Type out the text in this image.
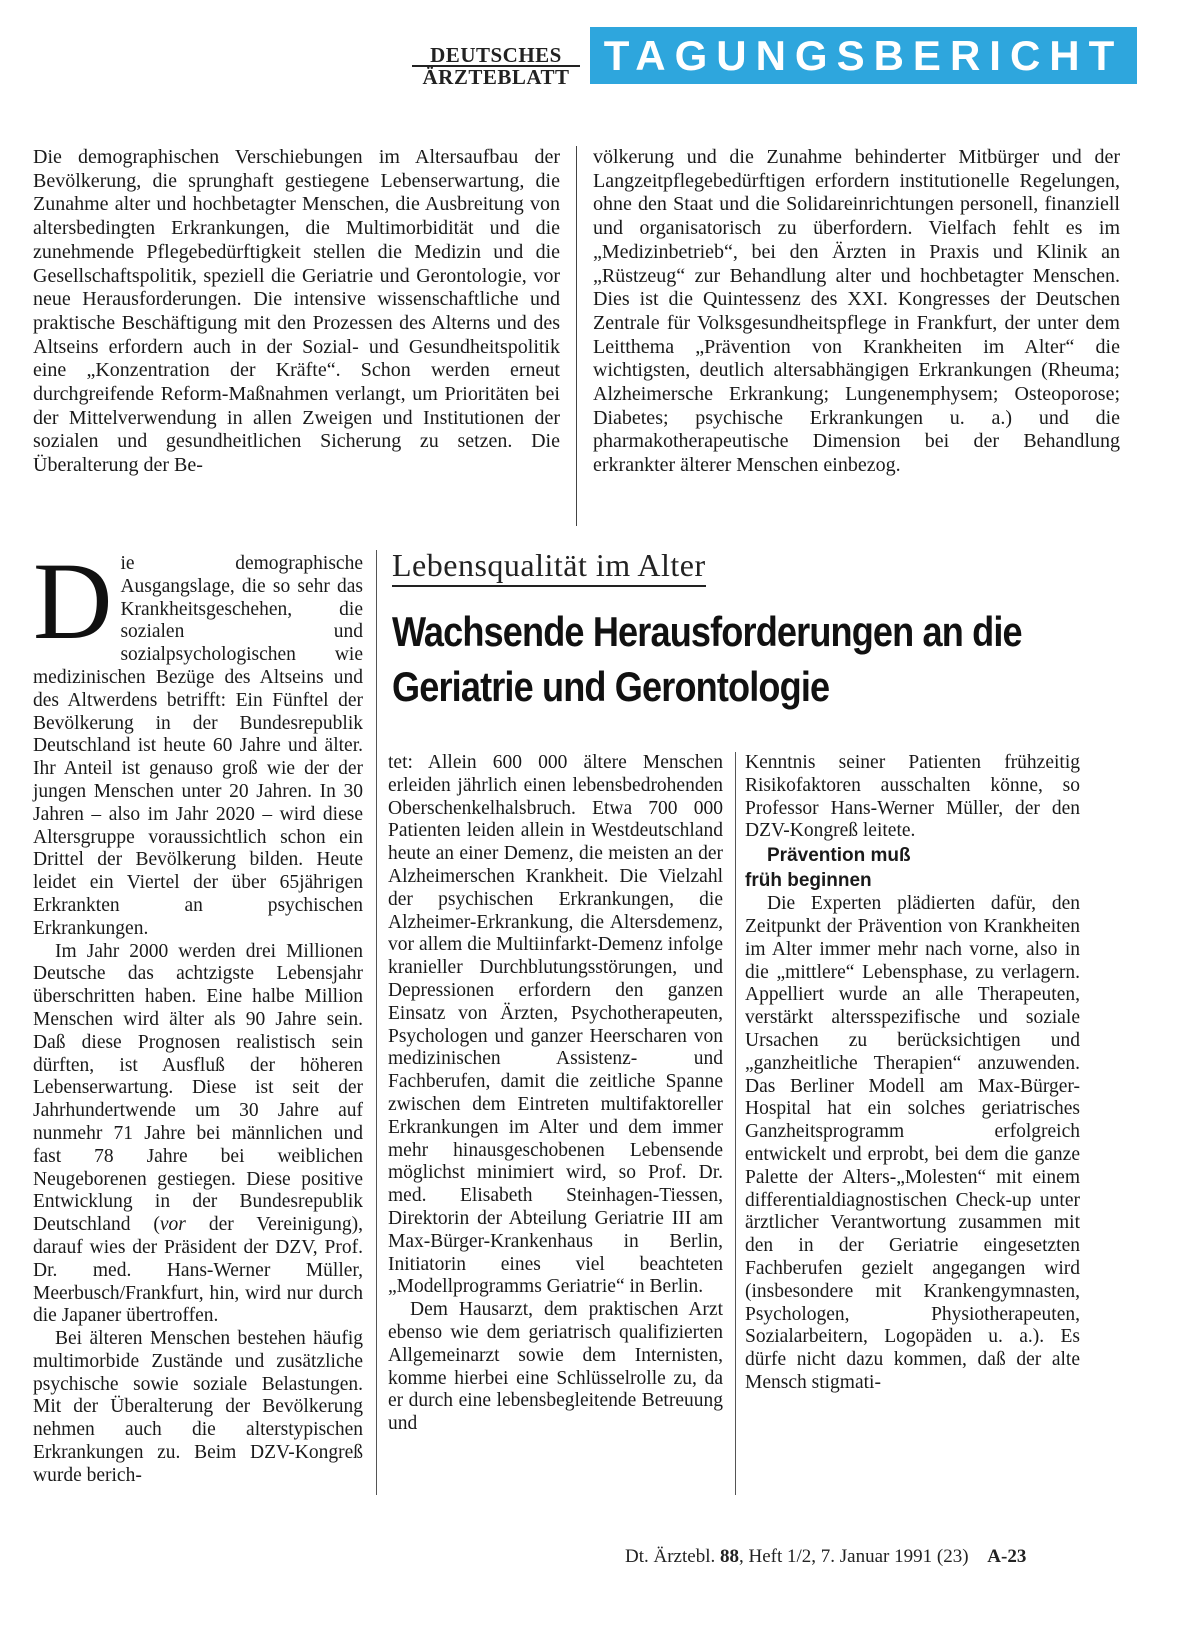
DEUTSCHES
ÄRZTEBLATT TAGUNGSBERICHT
Die demographischen Verschiebungen im Altersaufbau der Bevölkerung, die sprunghaft gestiegene Lebenserwartung, die Zunahme alter und hochbetagter Menschen, die Ausbreitung von altersbedingten Erkrankungen, die Multimorbidität und die zunehmende Pflegebedürftigkeit stellen die Medizin und die Gesellschaftspolitik, speziell die Geriatrie und Gerontologie, vor neue Herausforderungen. Die intensive wissenschaftliche und praktische Beschäftigung mit den Prozessen des Alterns und des Altseins erfordern auch in der Sozial- und Gesundheitspolitik eine „Konzentration der Kräfte“. Schon werden erneut durchgreifende Reform-Maßnahmen verlangt, um Prioritäten bei der Mittelverwendung in allen Zweigen und Institutionen der sozialen und gesundheitlichen Sicherung zu setzen. Die Überalterung der Be-
völkerung und die Zunahme behinderter Mitbürger und der Langzeitpflegebedürftigen erfordern institutionelle Regelungen, ohne den Staat und die Solidareinrichtungen personell, finanziell und organisatorisch zu überfordern. Vielfach fehlt es im „Medizinbetrieb“, bei den Ärzten in Praxis und Klinik an „Rüstzeug“ zur Behandlung alter und hochbetagter Menschen. Dies ist die Quintessenz des XXI. Kongresses der Deutschen Zentrale für Volksgesundheitspflege in Frankfurt, der unter dem Leitthema „Prävention von Krankheiten im Alter“ die wichtigsten, deutlich altersabhängigen Erkrankungen (Rheuma; Alzheimersche Erkrankung; Lungenemphysem; Osteoporose; Diabetes; psychische Erkrankungen u. a.) und die pharmakotherapeutische Dimension bei der Behandlung erkrankter älterer Menschen einbezog.
Lebensqualität im Alter
Wachsende Herausforderungen an die Geriatrie und Gerontologie

Die demographische Ausgangslage, die so sehr das Krankheitsgeschehen, die sozialen und sozialpsychologischen wie medizinischen Bezüge des Altseins und des Altwerdens betrifft: Ein Fünftel der Bevölkerung in der Bundesrepublik Deutschland ist heute 60 Jahre und älter. Ihr Anteil ist genauso groß wie der der jungen Menschen unter 20 Jahren. In 30 Jahren – also im Jahr 2020 – wird diese Altersgruppe voraussichtlich schon ein Drittel der Bevölkerung bilden. Heute leidet ein Viertel der über 65jährigen Erkrankten an psychischen Erkrankungen.

Im Jahr 2000 werden drei Millionen Deutsche das achtzigste Lebensjahr überschritten haben. Eine halbe Million Menschen wird älter als 90 Jahre sein. Daß diese Prognosen realistisch sein dürften, ist Ausfluß der höheren Lebenserwartung. Diese ist seit der Jahrhundertwende um 30 Jahre auf nunmehr 71 Jahre bei männlichen und fast 78 Jahre bei weiblichen Neugeborenen gestiegen. Diese positive Entwicklung in der Bundesrepublik Deutschland (vor der Vereinigung), darauf wies der Präsident der DZV, Prof. Dr. med. Hans-Werner Müller, Meerbusch/Frankfurt, hin, wird nur durch die Japaner übertroffen.

Bei älteren Menschen bestehen häufig multimorbide Zustände und zusätzliche psychische sowie soziale Belastungen. Mit der Überalterung der Bevölkerung nehmen auch die alterstypischen Erkrankungen zu. Beim DZV-Kongreß wurde berich-

tet: Allein 600 000 ältere Menschen erleiden jährlich einen lebensbedrohenden Oberschenkelhalsbruch. Etwa 700 000 Patienten leiden allein in Westdeutschland heute an einer Demenz, die meisten an der Alzheimerschen Krankheit. Die Vielzahl der psychischen Erkrankungen, die Alzheimer-Erkrankung, die Altersdemenz, vor allem die Multiinfarkt-Demenz infolge kranieller Durchblutungsstörungen, und Depressionen erfordern den ganzen Einsatz von Ärzten, Psychotherapeuten, Psychologen und ganzer Heerscharen von medizinischen Assistenz- und Fachberufen, damit die zeitliche Spanne zwischen dem Eintreten multifaktoreller Erkrankungen im Alter und dem immer mehr hinausgeschobenen Lebensende möglichst minimiert wird, so Prof. Dr. med. Elisabeth Steinhagen-Tiessen, Direktorin der Abteilung Geriatrie III am Max-Bürger-Krankenhaus in Berlin, Initiatorin eines viel beachteten „Modellprogramms Geriatrie“ in Berlin.

Dem Hausarzt, dem praktischen Arzt ebenso wie dem geriatrisch qualifizierten Allgemeinarzt sowie dem Internisten, komme hierbei eine Schlüsselrolle zu, da er durch eine lebensbegleitende Betreuung und

Kenntnis seiner Patienten frühzeitig Risikofaktoren ausschalten könne, so Professor Hans-Werner Müller, der den DZV-Kongreß leitete.

Prävention muß
früh beginnen

Die Experten plädierten dafür, den Zeitpunkt der Prävention von Krankheiten im Alter immer mehr nach vorne, also in die „mittlere“ Lebensphase, zu verlagern. Appelliert wurde an alle Therapeuten, verstärkt altersspezifische und soziale Ursachen zu berücksichtigen und „ganzheitliche Therapien“ anzuwenden. Das Berliner Modell am Max-Bürger-Hospital hat ein solches geriatrisches Ganzheitsprogramm erfolgreich entwickelt und erprobt, bei dem die ganze Palette der Alters-„Molesten“ mit einem differentialdiagnostischen Check-up unter ärztlicher Verantwortung zusammen mit den in der Geriatrie eingesetzten Fachberufen gezielt angegangen wird (insbesondere mit Krankengymnasten, Psychologen, Physiotherapeuten, Sozialarbeitern, Logopäden u. a.). Es dürfe nicht dazu kommen, daß der alte Mensch stigmati-

Dt. Ärztebl. 88, Heft 1/2, 7. Januar 1991 (23) A-23
